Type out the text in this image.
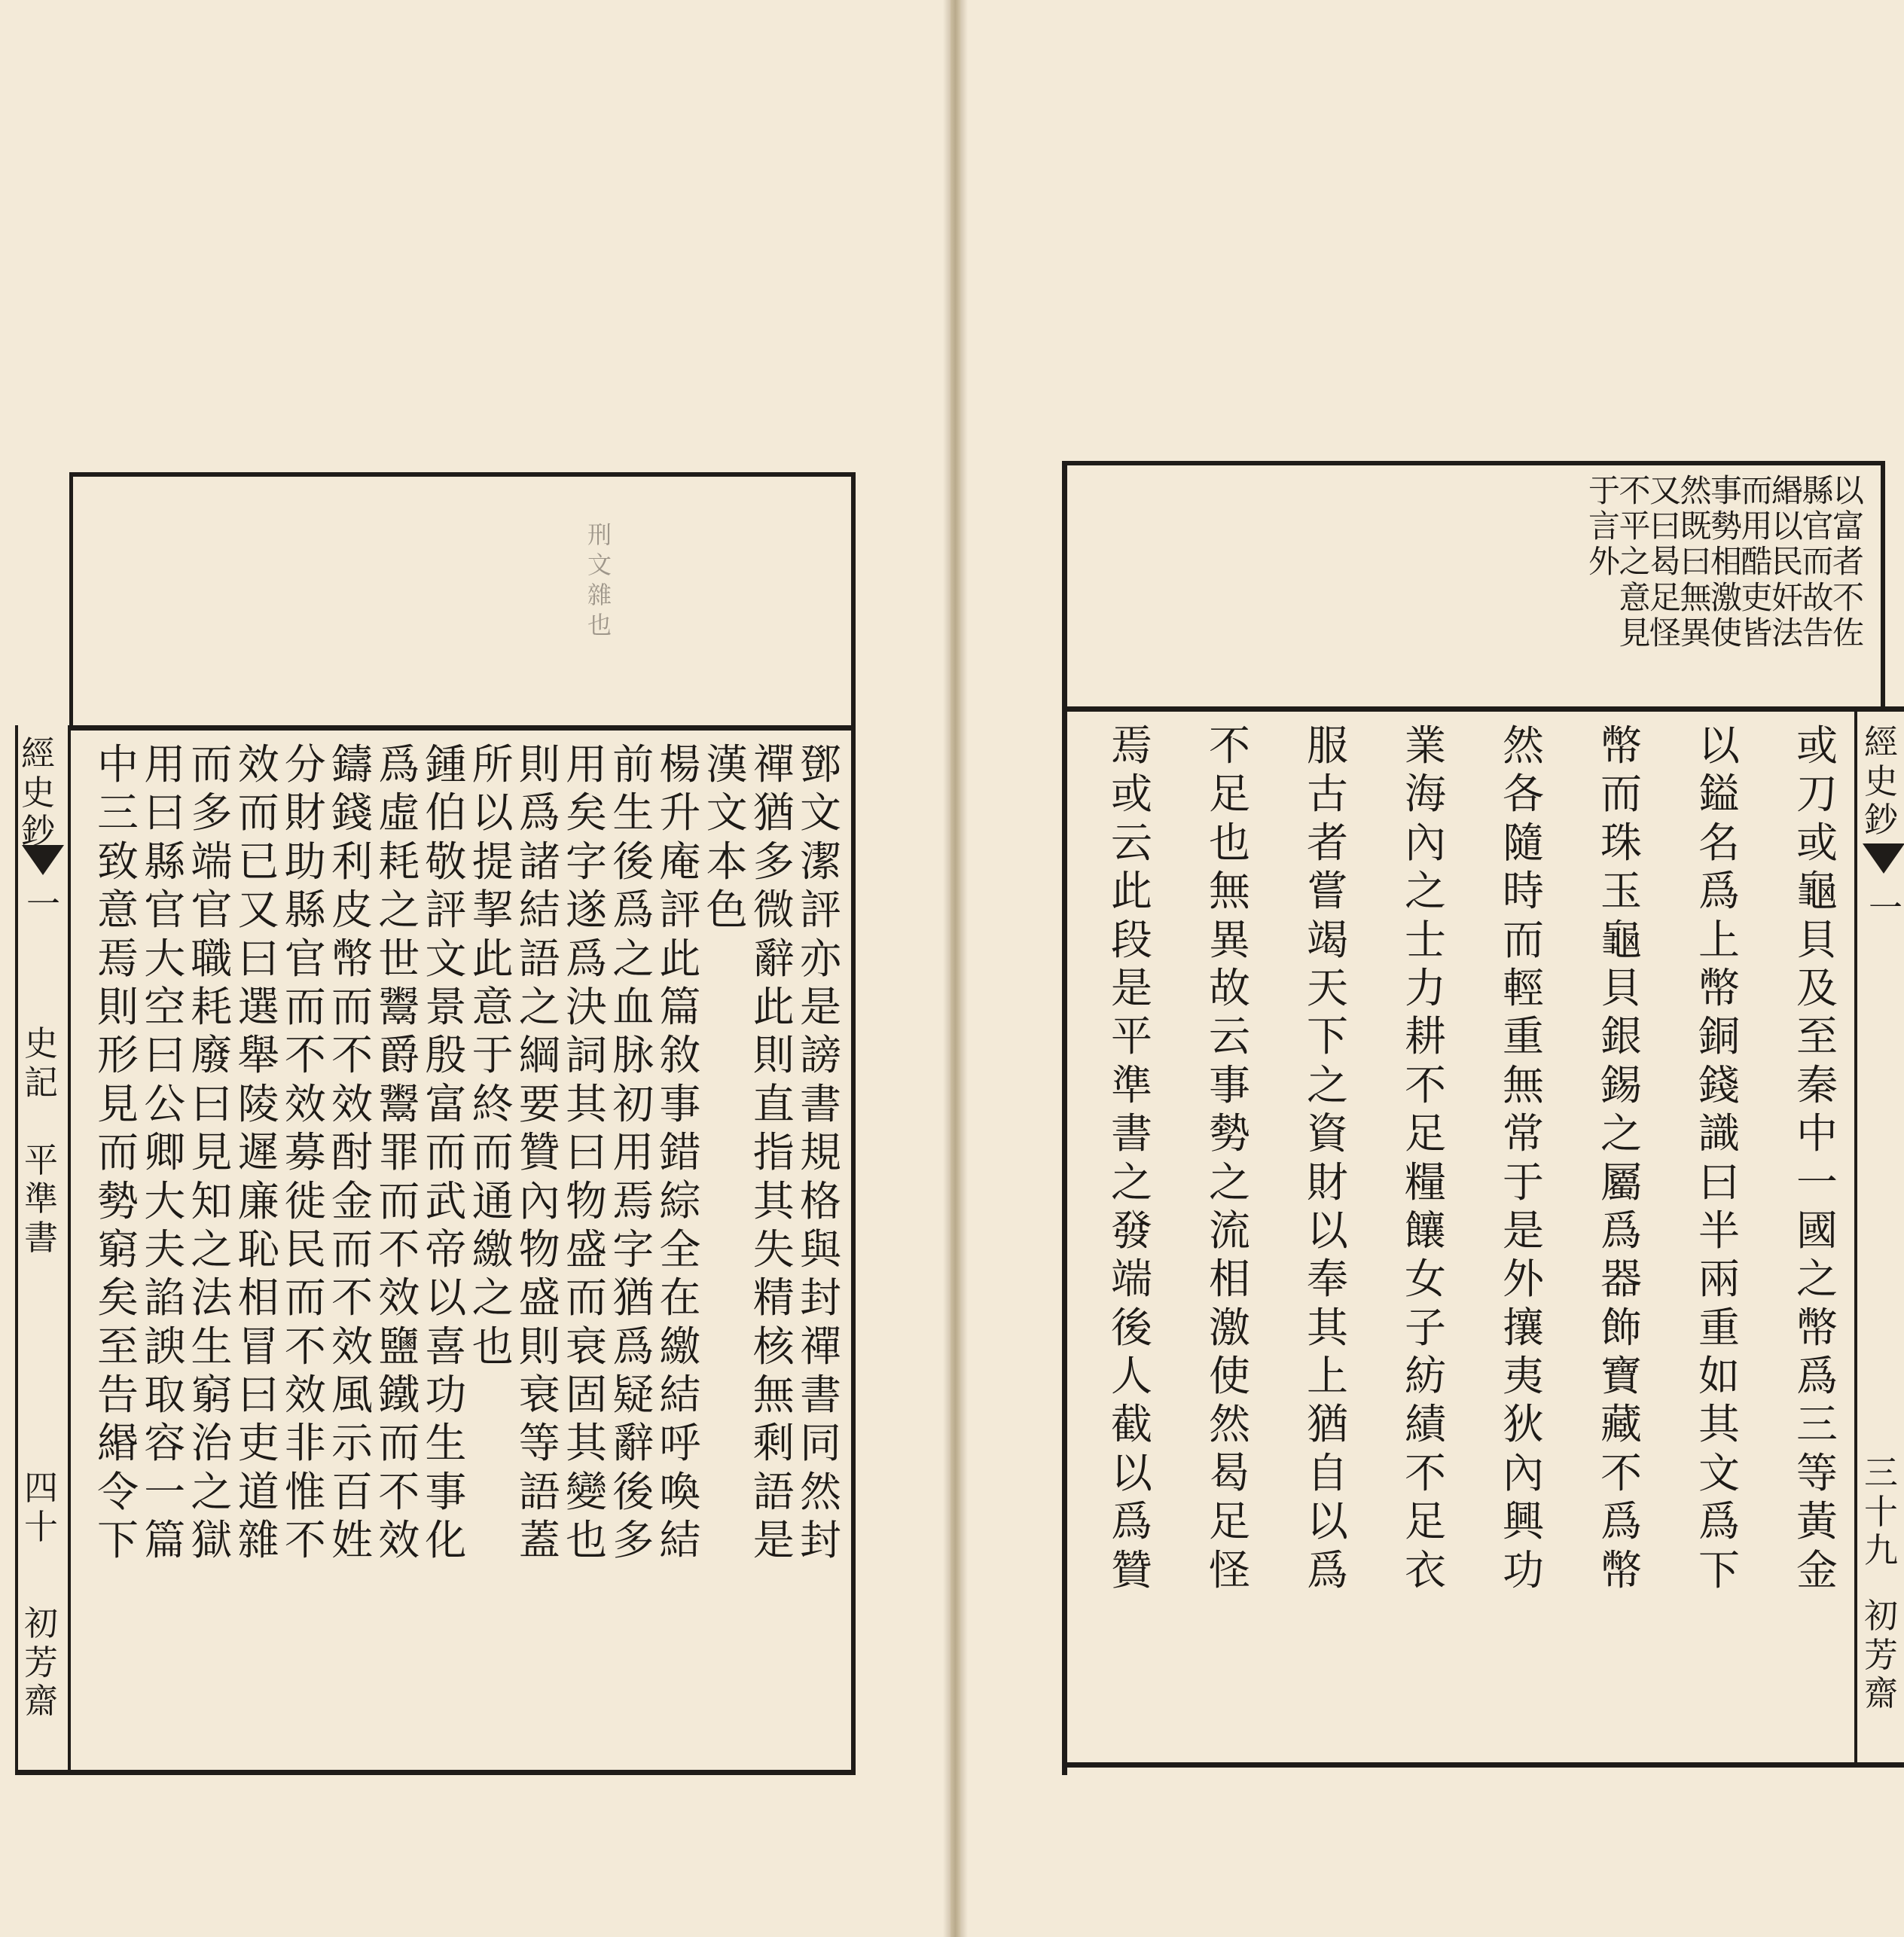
刑
文
雜
也
經
史
鈔
一
史
記

平
準
書
四
十
初
芳
齋
鄧
文
潔
評
亦
是
謗
書
規
格
與
封
禪
書
同
然
封
禪
猶
多
微
辭
此
則
直
指
其
失
精
核
無
剩
語
是
漢
文
本
色
楊
升
庵
評
此
篇
敘
事
錯
綜
全
在
繳
結
呼
喚
結
前
生
後
爲
之
血
脉
初
用
焉
字
猶
爲
疑
辭
後
多
用
矣
字
遂
爲
決
詞
其
曰
物
盛
而
衰
固
其
變
也
則
爲
諸
結
語
之
綱
要
贊
內
物
盛
則
衰
等
語
蓋
所
以
提
挈
此
意
于
終
而
通
繳
之
也
鍾
伯
敬
評
文
景
殷
富
而
武
帝
以
喜
功
生
事
化
爲
虛
耗
之
世
鬻
爵
鬻
罪
而
不
效
鹽
鐵
而
不
效
鑄
錢
利
皮
幣
而
不
效
酎
金
而
不
效
風
示
百
姓
分
財
助
縣
官
而
不
效
募
徙
民
而
不
效
非
惟
不
效
而
已
又
曰
選
舉
陵
遲
廉
恥
相
冒
曰
吏
道
雜
而
多
端
官
職
耗
廢
曰
見
知
之
法
生
窮
治
之
獄
用
曰
縣
官
大
空
曰
公
卿
大
夫
諂
諛
取
容
一
篇
中
三
致
意
焉
則
形
見
而
勢
窮
矣
至
告
緡
令
下
以
富
者
不
佐
縣
官
而
故
告
緡
以
民
奸
法
而
用
酷
吏
皆
事
勢
相
激
使
然
既
曰
無
異
又
曰
曷
足
怪
不
平
之
意
見
于
言
外
經
史
鈔
一
三
十
九
初
芳
齋
或
刀
或
龜
貝
及
至
秦
中
一
國
之
幣
爲
三
等
黃
金
以
鎰
名
爲
上
幣
銅
錢
識
曰
半
兩
重
如
其
文
爲
下
幣
而
珠
玉
龜
貝
銀
錫
之
屬
爲
器
飾
寶
藏
不
爲
幣
然
各
隨
時
而
輕
重
無
常
于
是
外
攘
夷
狄
內
興
功
業
海
內
之
士
力
耕
不
足
糧
饟
女
子
紡
績
不
足
衣
服
古
者
嘗
竭
天
下
之
資
財
以
奉
其
上
猶
自
以
爲
不
足
也
無
異
故
云
事
勢
之
流
相
激
使
然
曷
足
怪
焉
或
云
此
段
是
平
準
書
之
發
端
後
人
截
以
爲
贊
